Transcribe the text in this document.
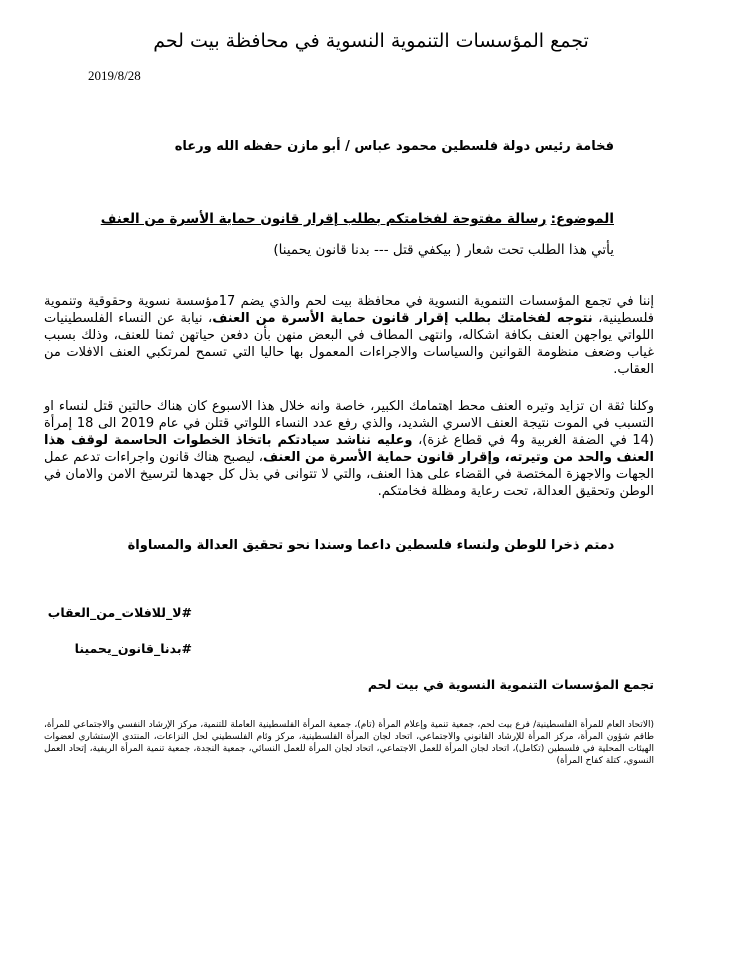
تجمع المؤسسات التنموية النسوية في محافظة بيت لحم
2019/8/28
فخامة رئيس دولة فلسطين محمود عباس / أبو مازن حفظه الله ورعاه
الموضوع: رسالة مفتوحة لفخامتكم بطلب إقرار قانون حماية الأسرة من العنف
يأتي هذا الطلب تحت شعار ( بيكفي قتل --- بدنا قانون يحمينا)
إننا في تجمع المؤسسات التنموية النسوية في محافظة بيت لحم والذي يضم 17مؤسسة نسوية وحقوقية وتنموية فلسطينية، نتوجه لفخامتك بطلب إقرار قانون حماية الأسرة من العنف، نيابة عن النساء الفلسطينيات اللواتي يواجهن العنف بكافة اشكاله، وانتهى المطاف في البعض منهن بأن دفعن حياتهن ثمنا للعنف، وذلك بسبب غياب وضعف منظومة القوانين والسياسات والاجراءات المعمول بها حاليا التي تسمح لمرتكبي العنف الافلات من العقاب.
وكلنا ثقة ان تزايد وتيره العنف محط اهتمامك الكبير، خاصة وانه خلال هذا الاسبوع كان هناك حالتين قتل لنساء او التسبب في الموت نتيجة العنف الاسري الشديد، والذي رفع عدد النساء اللواتي قتلن في عام 2019 الى 18 إمرأة (14 في الضفة الغربية و4 في قطاع غزة)، وعليه نناشد سيادتكم باتخاذ الخطوات الحاسمة لوقف هذا العنف والحد من وتيرته، وإقرار قانون حماية الأسرة من العنف، ليصبح هناك قانون واجراءات تدعم عمل الجهات والاجهزة المختصة في القضاء على هذا العنف، والتي لا تتوانى في بذل كل جهدها لترسيخ الامن والامان في الوطن وتحقيق العدالة، تحت رعاية ومظلة فخامتكم.
دمتم ذخرا للوطن ولنساء فلسطين داعما وسندا نحو تحقيق العدالة والمساواة
#لا_للافلات_من_العقاب
#بدنا_قانون_يحمينا
تجمع المؤسسات التنموية النسوية في بيت لحم
(الاتحاد العام للمرأة الفلسطينية/ فرع بيت لحم، جمعية تنمية وإعلام المرأة (تام)، جمعية المرأة الفلسطينية العاملة للتنمية، مركز الإرشاد النفسي والاجتماعي للمرأة، طاقم شؤون المرأة، مركز المرأة للإرشاد القانوني والاجتماعي، اتحاد لجان المرأة الفلسطينية، مركز وئام الفلسطيني لحل النزاعات، المنتدى الإستشاري لعضوات الهيئات المحلية في فلسطين (تكامل)، اتحاد لجان المرأة للعمل الاجتماعي، اتحاد لجان المرأة للعمل النسائي، جمعية النجدة، جمعية تنمية المرأة الريفية، إتحاد العمل النسوي، كتلة كفاح المرأة)
